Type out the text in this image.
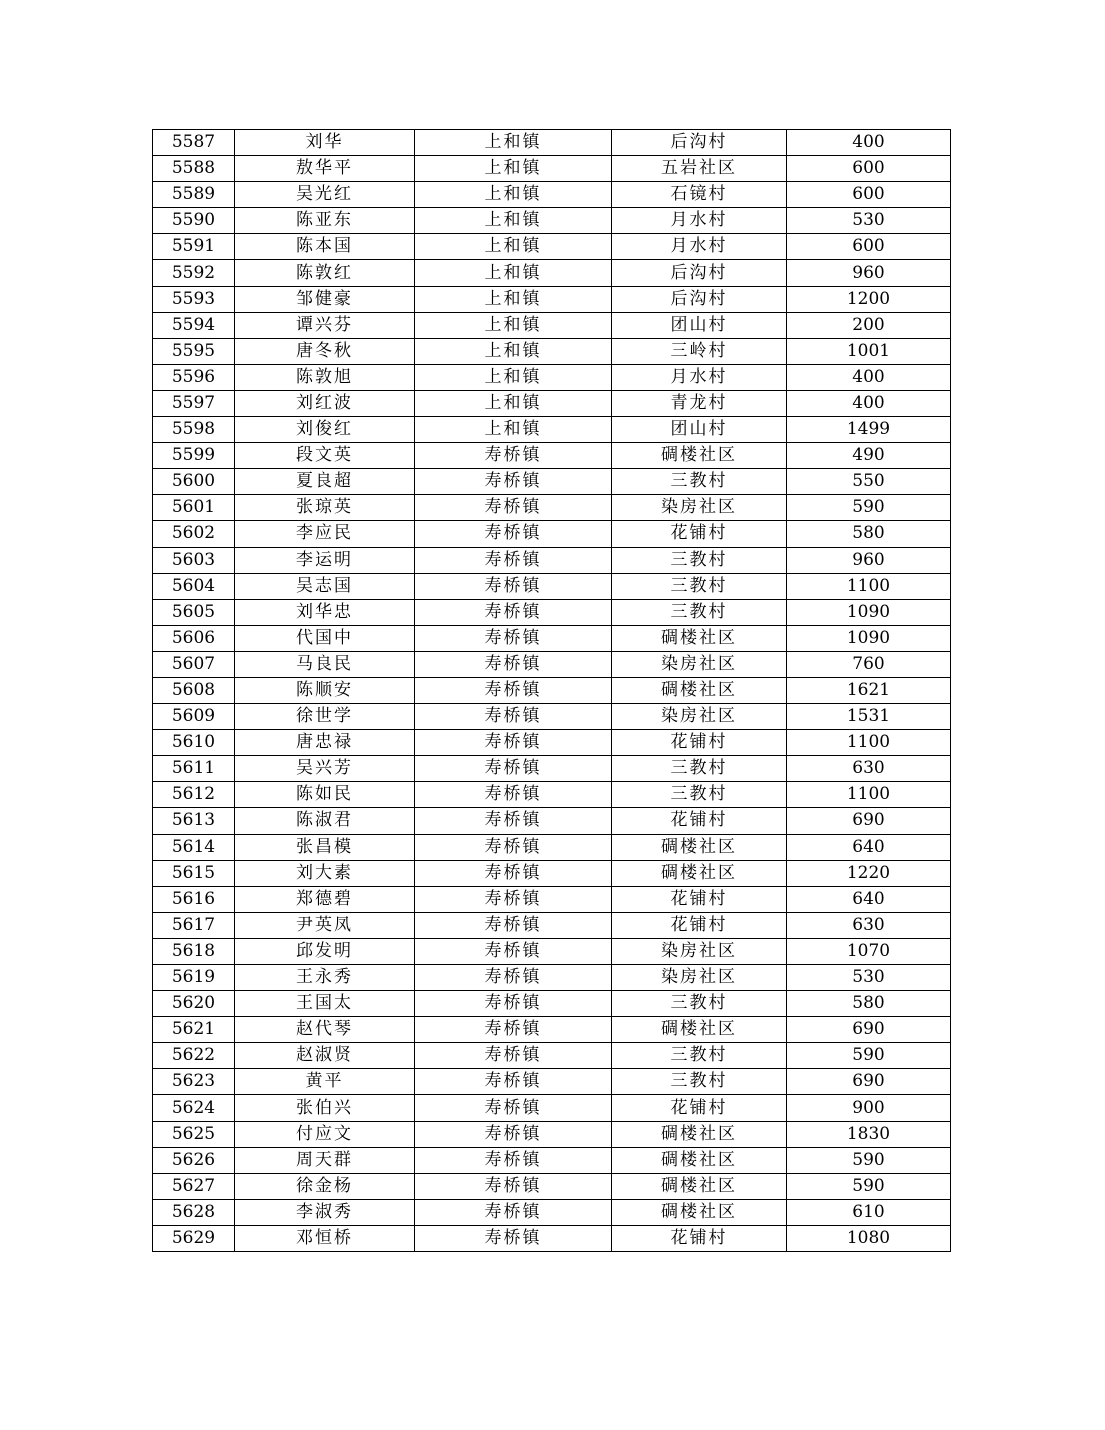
5587	刘华	上和镇	后沟村	400
5588	敖华平	上和镇	五岩社区	600
5589	吴光红	上和镇	石镜村	600
5590	陈亚东	上和镇	月水村	530
5591	陈本国	上和镇	月水村	600
5592	陈敦红	上和镇	后沟村	960
5593	邹健豪	上和镇	后沟村	1200
5594	谭兴芬	上和镇	团山村	200
5595	唐冬秋	上和镇	三岭村	1001
5596	陈敦旭	上和镇	月水村	400
5597	刘红波	上和镇	青龙村	400
5598	刘俊红	上和镇	团山村	1499
5599	段文英	寿桥镇	碉楼社区	490
5600	夏良超	寿桥镇	三教村	550
5601	张琼英	寿桥镇	染房社区	590
5602	李应民	寿桥镇	花铺村	580
5603	李运明	寿桥镇	三教村	960
5604	吴志国	寿桥镇	三教村	1100
5605	刘华忠	寿桥镇	三教村	1090
5606	代国中	寿桥镇	碉楼社区	1090
5607	马良民	寿桥镇	染房社区	760
5608	陈顺安	寿桥镇	碉楼社区	1621
5609	徐世学	寿桥镇	染房社区	1531
5610	唐忠禄	寿桥镇	花铺村	1100
5611	吴兴芳	寿桥镇	三教村	630
5612	陈如民	寿桥镇	三教村	1100
5613	陈淑君	寿桥镇	花铺村	690
5614	张昌模	寿桥镇	碉楼社区	640
5615	刘大素	寿桥镇	碉楼社区	1220
5616	郑德碧	寿桥镇	花铺村	640
5617	尹英凤	寿桥镇	花铺村	630
5618	邱发明	寿桥镇	染房社区	1070
5619	王永秀	寿桥镇	染房社区	530
5620	王国太	寿桥镇	三教村	580
5621	赵代琴	寿桥镇	碉楼社区	690
5622	赵淑贤	寿桥镇	三教村	590
5623	黄平	寿桥镇	三教村	690
5624	张伯兴	寿桥镇	花铺村	900
5625	付应文	寿桥镇	碉楼社区	1830
5626	周天群	寿桥镇	碉楼社区	590
5627	徐金杨	寿桥镇	碉楼社区	590
5628	李淑秀	寿桥镇	碉楼社区	610
5629	邓恒桥	寿桥镇	花铺村	1080
